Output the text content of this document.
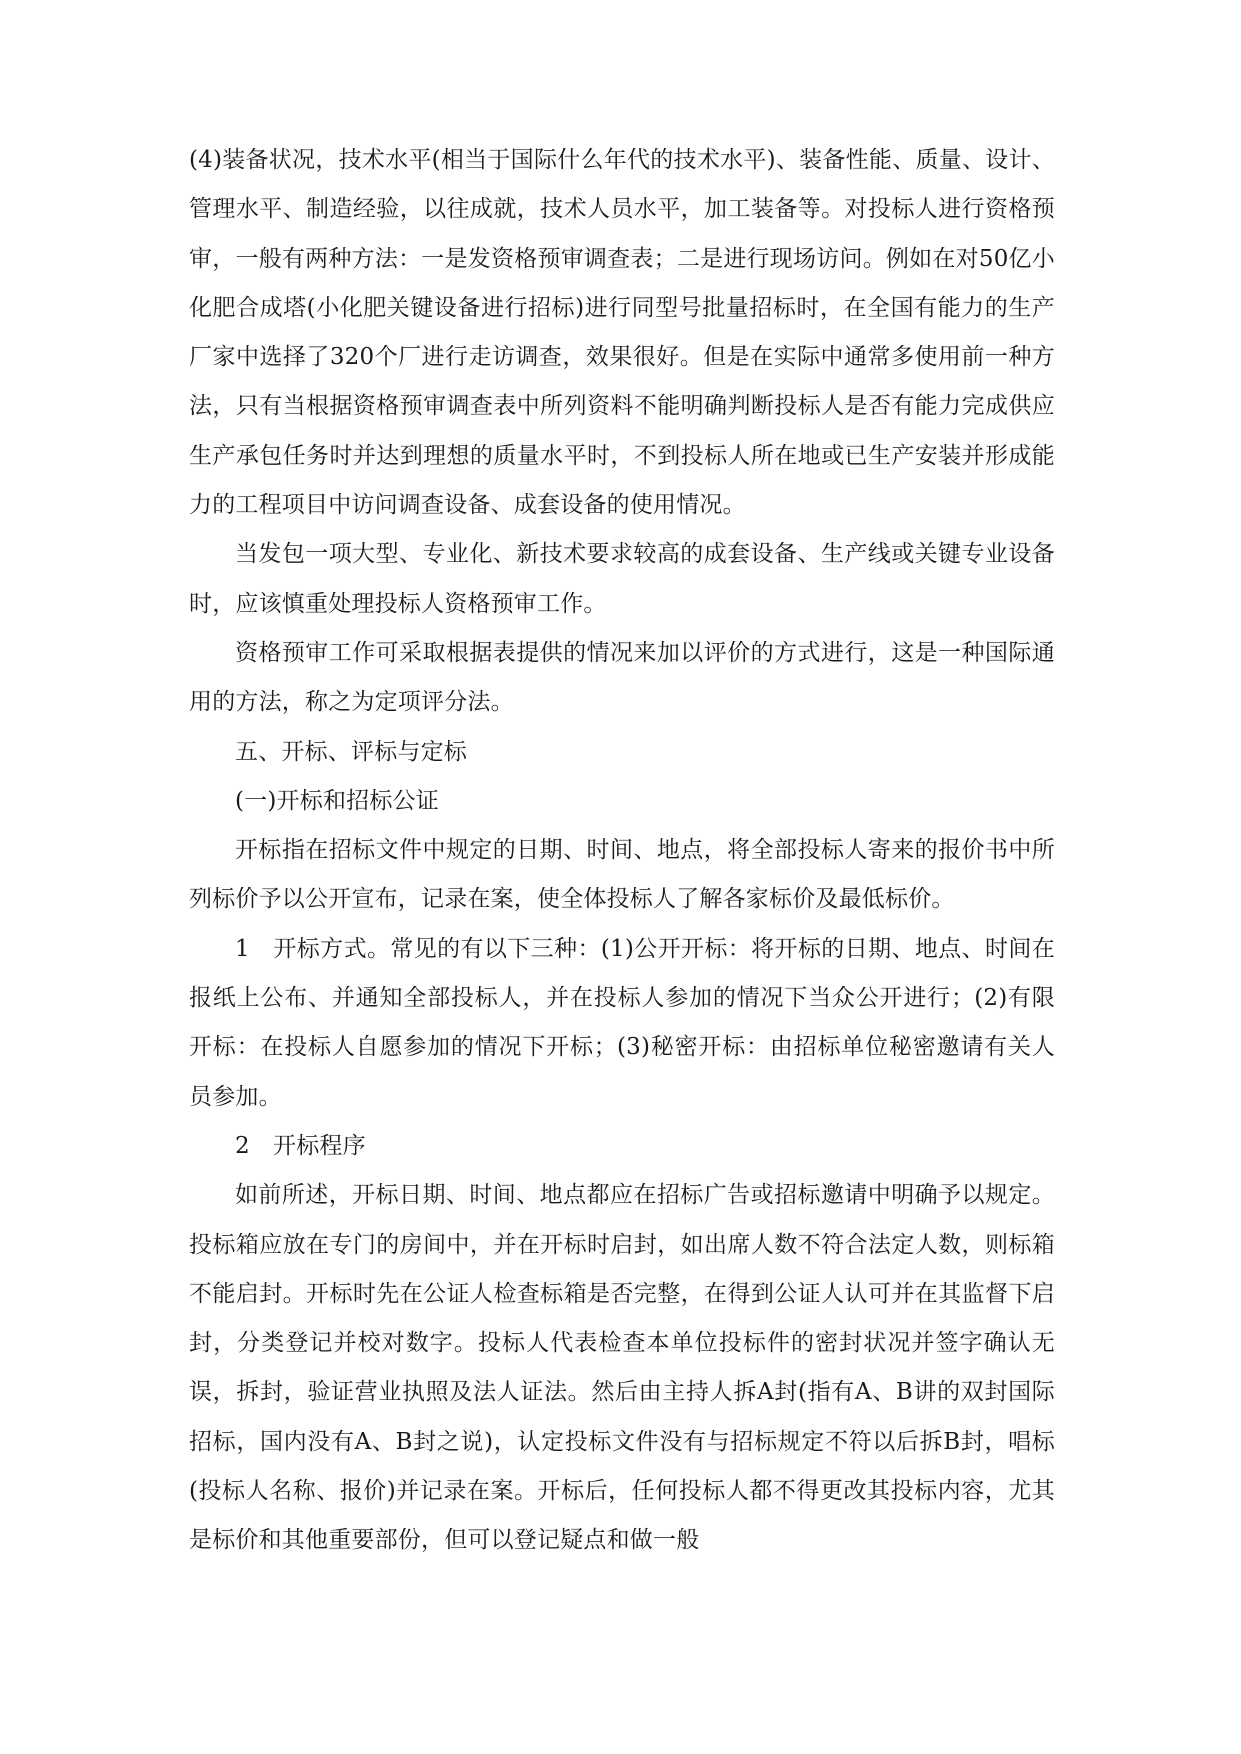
(4)装备状况，技术水平(相当于国际什么年代的技术水平)、装备性能、质量、设计、管理水平、制造经验，以往成就，技术人员水平，加工装备等。对投标人进行资格预审，一般有两种方法：一是发资格预审调查表；二是进行现场访问。例如在对50亿小化肥合成塔(小化肥关键设备进行招标)进行同型号批量招标时，在全国有能力的生产厂家中选择了320个厂进行走访调查，效果很好。但是在实际中通常多使用前一种方法，只有当根据资格预审调查表中所列资料不能明确判断投标人是否有能力完成供应生产承包任务时并达到理想的质量水平时，不到投标人所在地或已生产安装并形成能力的工程项目中访问调查设备、成套设备的使用情况。

当发包一项大型、专业化、新技术要求较高的成套设备、生产线或关键专业设备时，应该慎重处理投标人资格预审工作。

资格预审工作可采取根据表提供的情况来加以评价的方式进行，这是一种国际通用的方法，称之为定项评分法。

五、开标、评标与定标

(一)开标和招标公证

开标指在招标文件中规定的日期、时间、地点，将全部投标人寄来的报价书中所列标价予以公开宣布，记录在案，使全体投标人了解各家标价及最低标价。

1　开标方式。常见的有以下三种：(1)公开开标：将开标的日期、地点、时间在报纸上公布、并通知全部投标人，并在投标人参加的情况下当众公开进行；(2)有限开标：在投标人自愿参加的情况下开标；(3)秘密开标：由招标单位秘密邀请有关人员参加。

2　开标程序

如前所述，开标日期、时间、地点都应在招标广告或招标邀请中明确予以规定。投标箱应放在专门的房间中，并在开标时启封，如出席人数不符合法定人数，则标箱不能启封。开标时先在公证人检查标箱是否完整，在得到公证人认可并在其监督下启封，分类登记并校对数字。投标人代表检查本单位投标件的密封状况并签字确认无误，拆封，验证营业执照及法人证法。然后由主持人拆A封(指有A、B讲的双封国际招标，国内没有A、B封之说)，认定投标文件没有与招标规定不符以后拆B封，唱标(投标人名称、报价)并记录在案。开标后，任何投标人都不得更改其投标内容，尤其是标价和其他重要部份，但可以登记疑点和做一般
